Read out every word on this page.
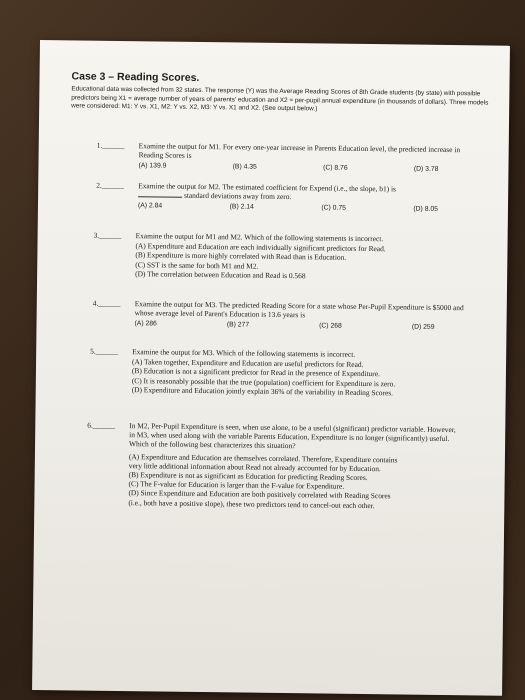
Case 3 – Reading Scores.

Educational data was collected from 32 states. The response (Y) was the Average Reading Scores of 8th Grade students (by state) with possible predictors being X1 = average number of years of parents' education and X2 = per-pupil annual expenditure (in thousands of dollars). Three models were considered: M1: Y vs. X1, M2: Y vs. X2, M3: Y vs. X1 and X2. (See output below.)

1.______ Examine the output for M1. For every one-year increase in Parents Education level, the predicted increase in Reading Scores is
(A) 139.9	(B) 4.35	(C) 8.76	(D) 3.78
2.______ Examine the output for M2. The estimated coefficient for Expend (i.e., the slope, b1) is
standard deviations away from zero.
(A) 2.84	(B) 2.14	(C) 0.75	(D) 8.05
3.______ Examine the output for M1 and M2. Which of the following statements is incorrect.
(A) Expenditure and Education are each individually significant predictors for Read.
(B) Expenditure is more highly correlated with Read than is Education.
(C) SST is the same for both M1 and M2.
(D) The correlation between Education and Read is 0.568
4.______ Examine the output for M3. The predicted Reading Score for a state whose Per-Pupil Expenditure is $5000 and whose average level of Parent's Education is 13.6 years is
(A) 286	(B) 277	(C) 268	(D) 259
5.______ Examine the output for M3. Which of the following statements is incorrect.
(A) Taken together, Expenditure and Education are useful predictors for Read.
(B) Education is not a significant predictor for Read in the presence of Expenditure.
(C) It is reasonably possible that the true (population) coefficient for Expenditure is zero.
(D) Expenditure and Education jointly explain 36% of the variability in Reading Scores.
6.______ In M2, Per-Pupil Expenditure is seen, when use alone, to be a useful (significant) predictor variable. However, in M3, when used along with the variable Parents Education, Expenditure is no longer (significantly) useful. Which of the following best characterizes this situation?
(A) Expenditure and Education are themselves correlated. Therefore, Expenditure contains
very little additional information about Read not already accounted for by Education.
(B) Expenditure is not as significant as Education for predicting Reading Scores.
(C) The F-value for Education is larger than the F-value for Expenditure.
(D) Since Expenditure and Education are both positively correlated with Reading Scores
(i.e., both have a positive slope), these two predictors tend to cancel-out each other.
